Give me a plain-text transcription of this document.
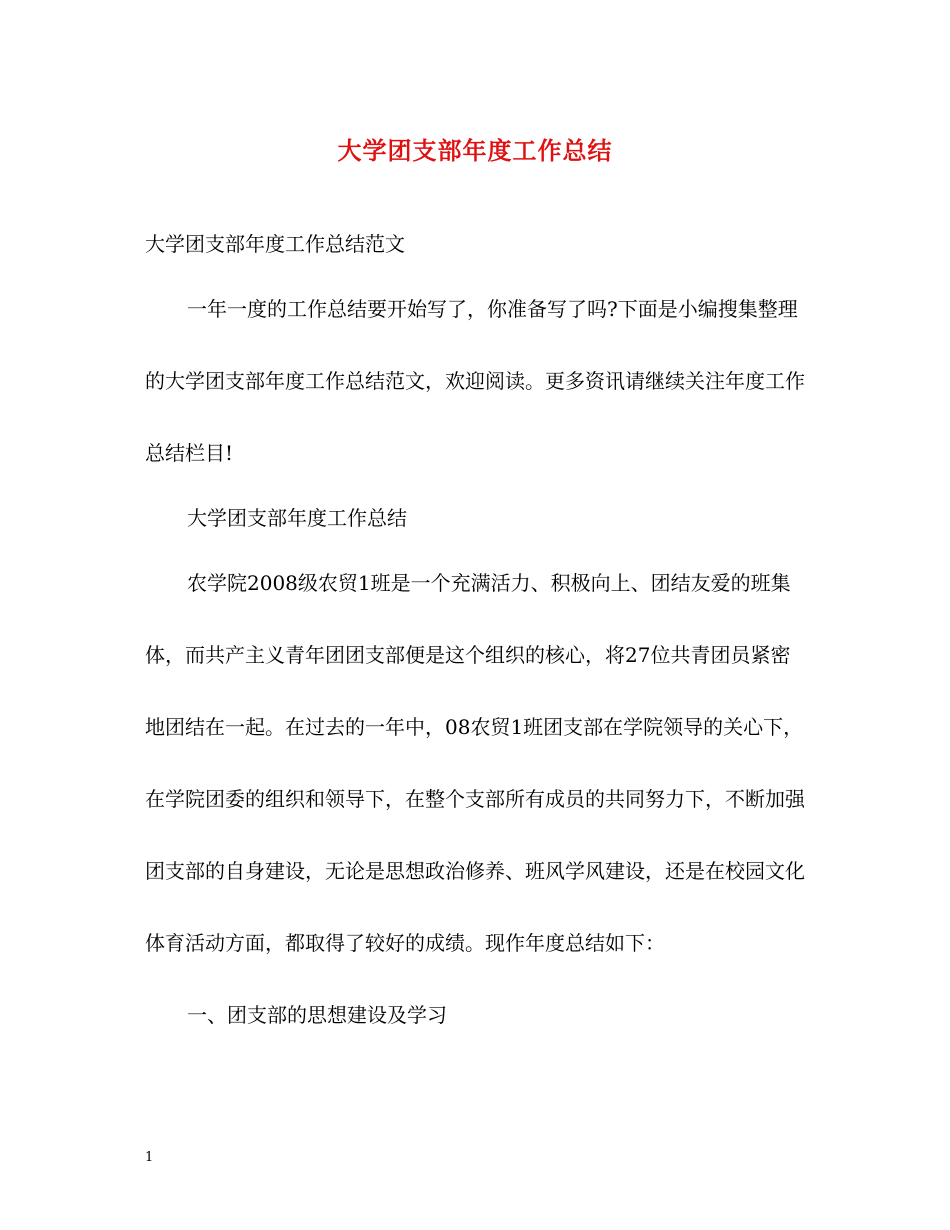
大学团支部年度工作总结

大学团支部年度工作总结范文

一年一度的工作总结要开始写了，你准备写了吗?下面是小编搜集整理的大学团支部年度工作总结范文，欢迎阅读。更多资讯请继续关注年度工作总结栏目!

大学团支部年度工作总结

农学院2008级农贸1班是一个充满活力、积极向上、团结友爱的班集体，而共产主义青年团团支部便是这个组织的核心，将27位共青团员紧密地团结在一起。在过去的一年中，08农贸1班团支部在学院领导的关心下，在学院团委的组织和领导下，在整个支部所有成员的共同努力下，不断加强团支部的自身建设，无论是思想政治修养、班风学风建设，还是在校园文化体育活动方面，都取得了较好的成绩。现作年度总结如下：

一、团支部的思想建设及学习

1
